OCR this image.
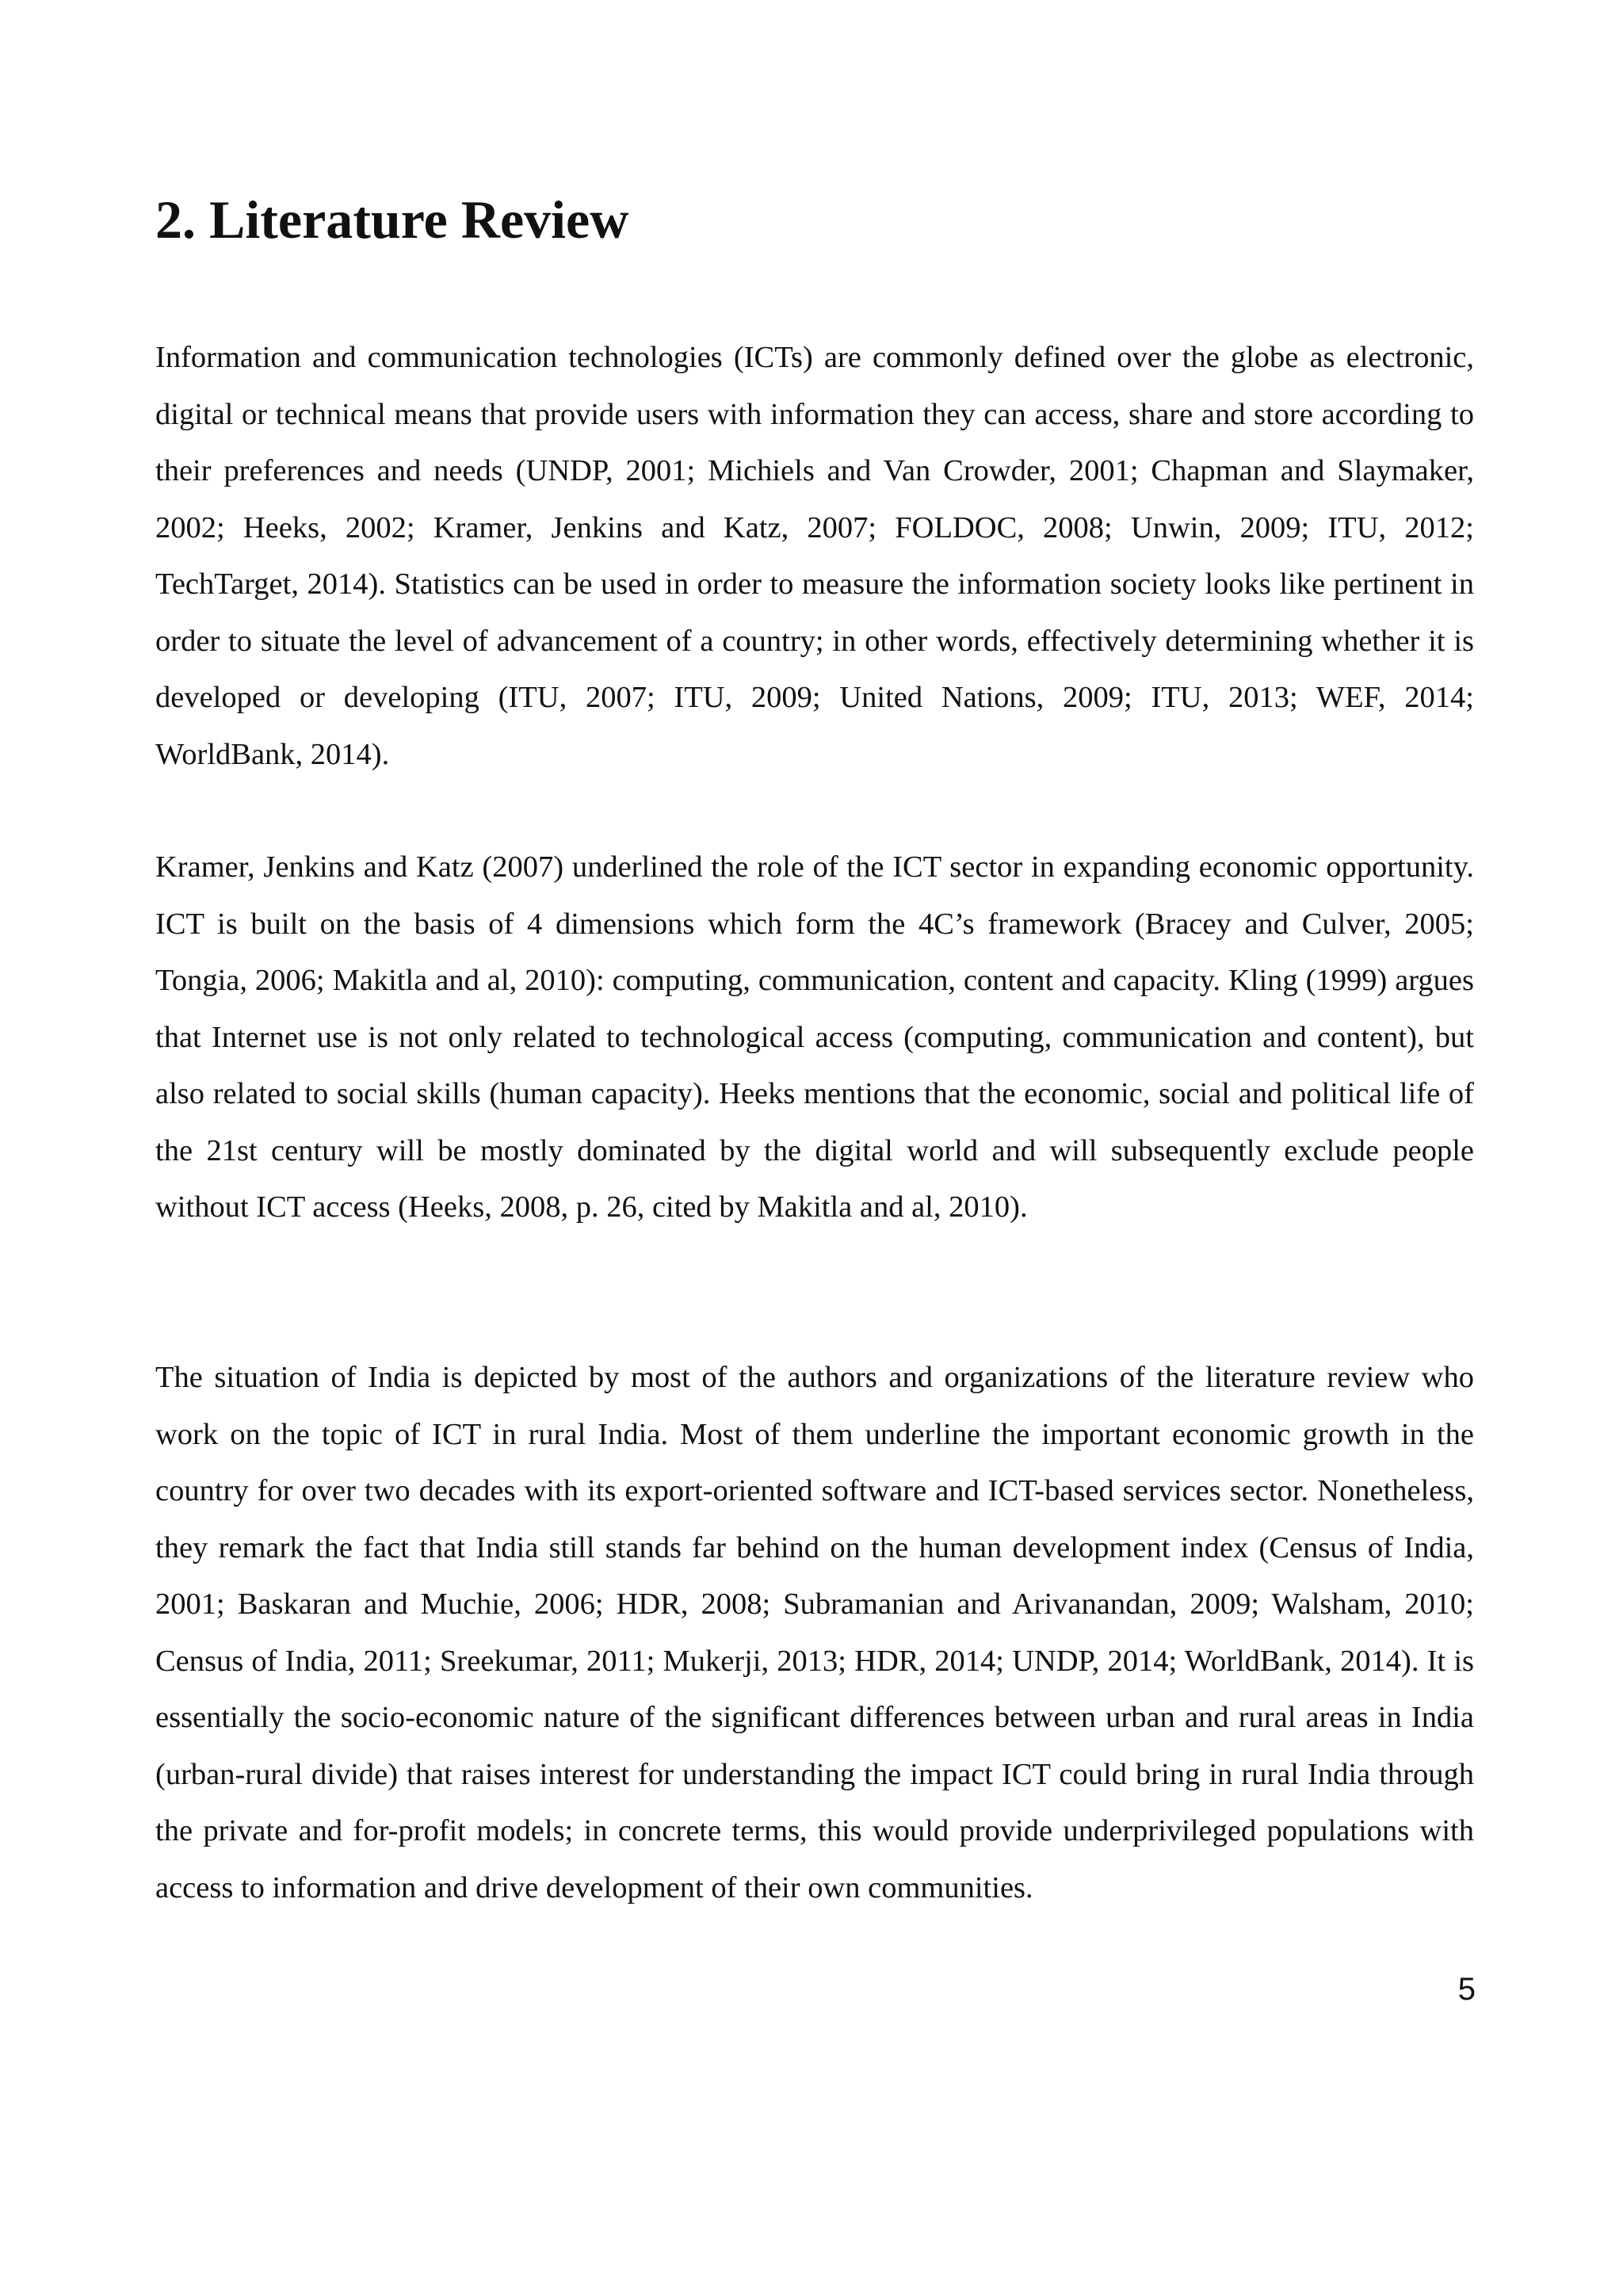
2. Literature Review

Information and communication technologies (ICTs) are commonly defined over the globe as electronic, digital or technical means that provide users with information they can access, share and store according to their preferences and needs (UNDP, 2001; Michiels and Van Crowder, 2001; Chapman and Slaymaker, 2002; Heeks, 2002; Kramer, Jenkins and Katz, 2007; FOLDOC, 2008; Unwin, 2009; ITU, 2012; TechTarget, 2014). Statistics can be used in order to measure the information society looks like pertinent in order to situate the level of advancement of a country; in other words, effectively determining whether it is developed or developing (ITU, 2007; ITU, 2009; United Nations, 2009; ITU, 2013; WEF, 2014; WorldBank, 2014).

Kramer, Jenkins and Katz (2007) underlined the role of the ICT sector in expanding economic opportunity. ICT is built on the basis of 4 dimensions which form the 4C’s framework (Bracey and Culver, 2005; Tongia, 2006; Makitla and al, 2010): computing, communication, content and capacity. Kling (1999) argues that Internet use is not only related to technological access (computing, communication and content), but also related to social skills (human capacity). Heeks mentions that the economic, social and political life of the 21st century will be mostly dominated by the digital world and will subsequently exclude people without ICT access (Heeks, 2008, p. 26, cited by Makitla and al, 2010).

The situation of India is depicted by most of the authors and organizations of the literature review who work on the topic of ICT in rural India. Most of them underline the important economic growth in the country for over two decades with its export-oriented software and ICT-based services sector. Nonetheless, they remark the fact that India still stands far behind on the human development index (Census of India, 2001; Baskaran and Muchie, 2006; HDR, 2008; Subramanian and Arivanandan, 2009; Walsham, 2010; Census of India, 2011; Sreekumar, 2011; Mukerji, 2013; HDR, 2014; UNDP, 2014; WorldBank, 2014). It is essentially the socio-economic nature of the significant differences between urban and rural areas in India (urban-rural divide) that raises interest for understanding the impact ICT could bring in rural India through the private and for-profit models; in concrete terms, this would provide underprivileged populations with access to information and drive development of their own communities.

5
